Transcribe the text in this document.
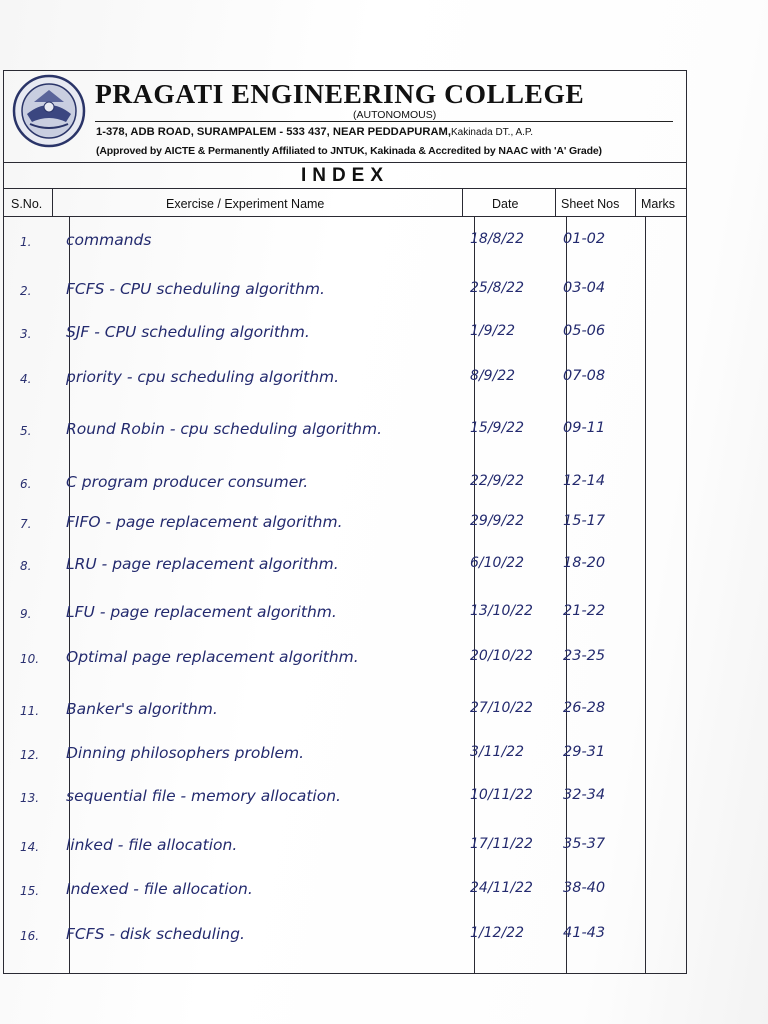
PRAGATI ENGINEERING COLLEGE
(AUTONOMOUS)
1-378, ADB ROAD, SURAMPALEM - 533 437, NEAR PEDDAPURAM,Kakinada DT., A.P.
(Approved by AICTE & Permanently Affiliated to JNTUK, Kakinada & Accredited by NAAC with 'A' Grade)
INDEX
S.No.	Exercise / Experiment Name	Date	Sheet Nos Marks
1. commands	18/8/22	01-02
2. FCFS - CPU scheduling algorithm.	25/8/22	03-04
3. SJF - CPU scheduling algorithm.	1/9/22	05-06
4. priority - cpu scheduling algorithm.	8/9/22	07-08
5. Round Robin - cpu scheduling algorithm.	15/9/22	09-11
6. C program producer consumer.	22/9/22	12-14
7. FIFO - page replacement algorithm.	29/9/22	15-17
8. LRU - page replacement algorithm.	6/10/22	18-20
9. LFU - page replacement algorithm.	13/10/22 21-22
10. Optimal page replacement algorithm.	20/10/22 23-25
11. Banker's algorithm.	27/10/22 26-28
12. Dinning philosophers problem.	3/11/22	29-31
13. sequential file - memory allocation.	10/11/22 32-34
14. linked - file allocation.	17/11/22 35-37
15. Indexed - file allocation.	24/11/22 38-40
16. FCFS - disk scheduling.	1/12/22	41-43
